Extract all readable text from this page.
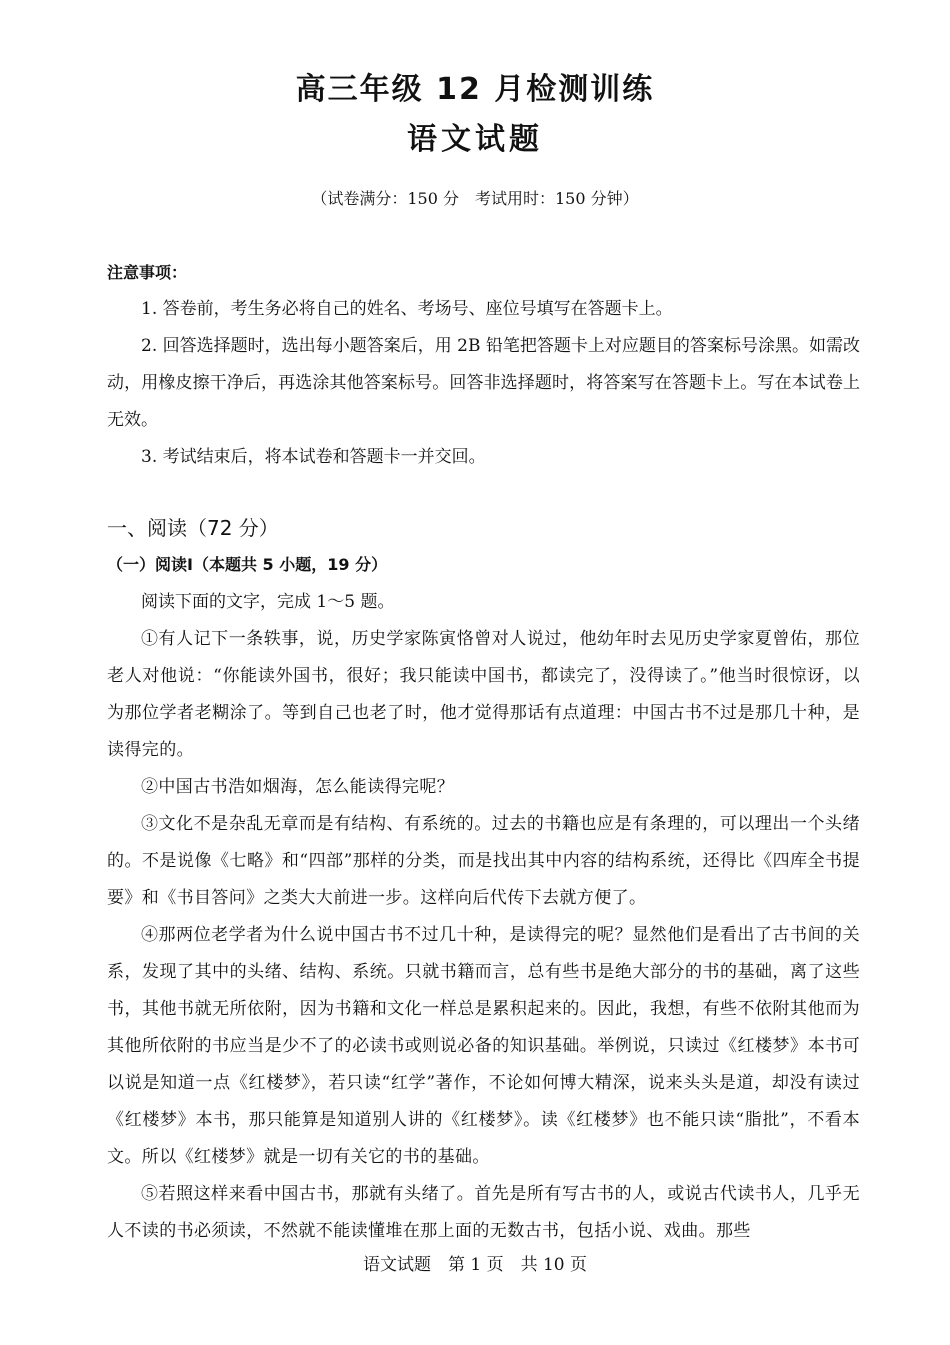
高三年级 12 月检测训练
语文试题
（试卷满分：150 分　考试用时：150 分钟）
注意事项：

1. 答卷前，考生务必将自己的姓名、考场号、座位号填写在答题卡上。

2. 回答选择题时，选出每小题答案后，用 2B 铅笔把答题卡上对应题目的答案标号涂黑。如需改动，用橡皮擦干净后，再选涂其他答案标号。回答非选择题时，将答案写在答题卡上。写在本试卷上无效。

3. 考试结束后，将本试卷和答题卡一并交回。

一、阅读（72 分）
（一）阅读Ⅰ（本题共 5 小题，19 分）

阅读下面的文字，完成 1～5 题。

①有人记下一条轶事，说，历史学家陈寅恪曾对人说过，他幼年时去见历史学家夏曾佑，那位老人对他说：“你能读外国书，很好；我只能读中国书，都读完了，没得读了。”他当时很惊讶，以为那位学者老糊涂了。等到自己也老了时，他才觉得那话有点道理：中国古书不过是那几十种，是读得完的。

②中国古书浩如烟海，怎么能读得完呢？

③文化不是杂乱无章而是有结构、有系统的。过去的书籍也应是有条理的，可以理出一个头绪的。不是说像《七略》和“四部”那样的分类，而是找出其中内容的结构系统，还得比《四库全书提要》和《书目答问》之类大大前进一步。这样向后代传下去就方便了。

④那两位老学者为什么说中国古书不过几十种，是读得完的呢？显然他们是看出了古书间的关系，发现了其中的头绪、结构、系统。只就书籍而言，总有些书是绝大部分的书的基础，离了这些书，其他书就无所依附，因为书籍和文化一样总是累积起来的。因此，我想，有些不依附其他而为其他所依附的书应当是少不了的必读书或则说必备的知识基础。举例说，只读过《红楼梦》本书可以说是知道一点《红楼梦》，若只读“红学”著作，不论如何博大精深，说来头头是道，却没有读过《红楼梦》本书，那只能算是知道别人讲的《红楼梦》。读《红楼梦》也不能只读“脂批”，不看本文。所以《红楼梦》就是一切有关它的书的基础。

⑤若照这样来看中国古书，那就有头绪了。首先是所有写古书的人，或说古代读书人，几乎无人不读的书必须读，不然就不能读懂堆在那上面的无数古书，包括小说、戏曲。那些

语文试题　第 1 页　共 10 页
